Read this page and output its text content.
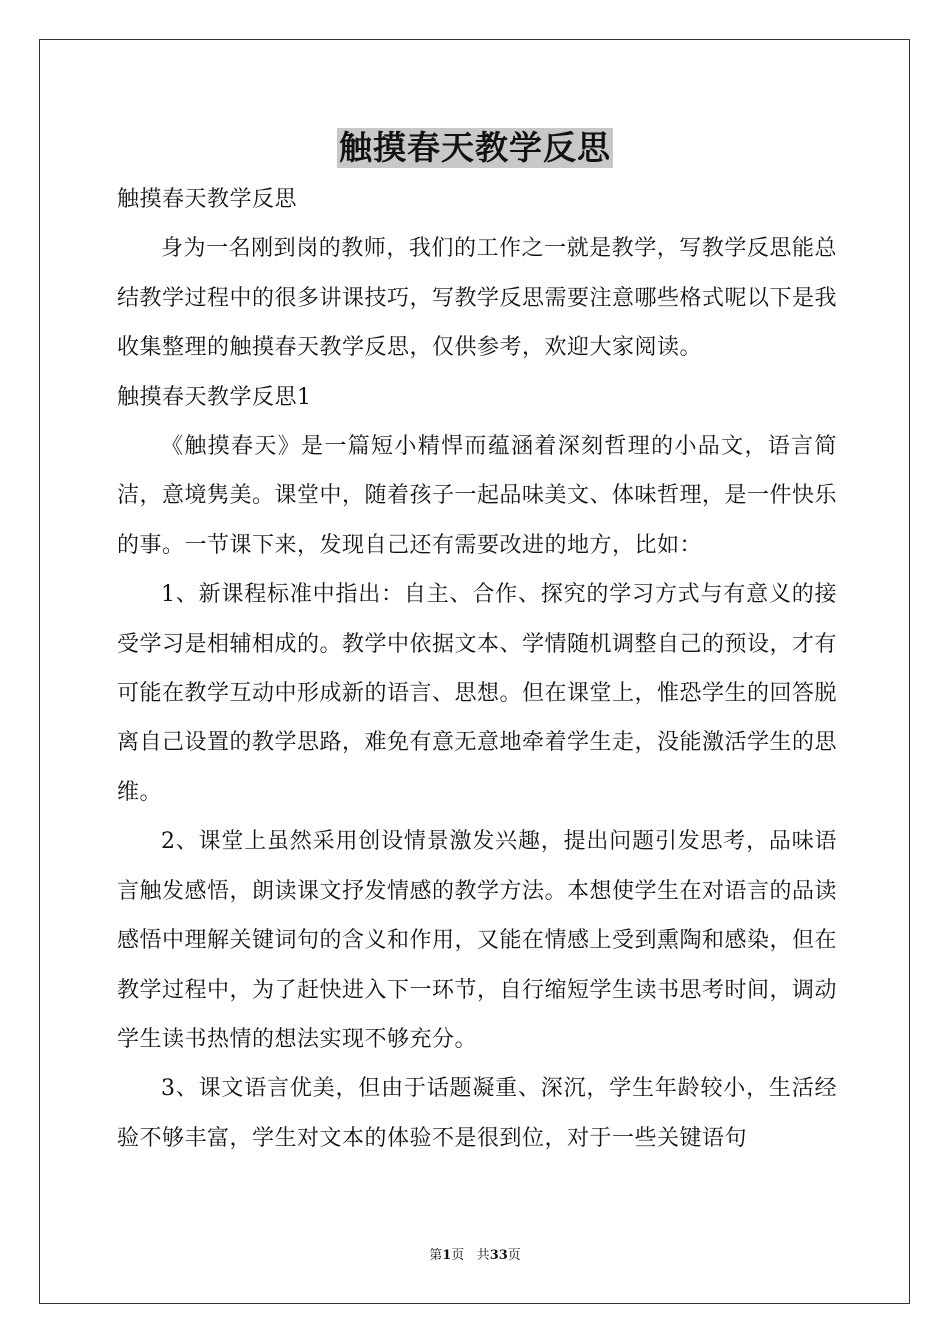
触摸春天教学反思

触摸春天教学反思

身为一名刚到岗的教师，我们的工作之一就是教学，写教学反思能总结教学过程中的很多讲课技巧，写教学反思需要注意哪些格式呢以下是我收集整理的触摸春天教学反思，仅供参考，欢迎大家阅读。

触摸春天教学反思1

《触摸春天》是一篇短小精悍而蕴涵着深刻哲理的小品文，语言简洁，意境隽美。课堂中，随着孩子一起品味美文、体味哲理，是一件快乐的事。一节课下来，发现自己还有需要改进的地方，比如：

1、新课程标准中指出：自主、合作、探究的学习方式与有意义的接受学习是相辅相成的。教学中依据文本、学情随机调整自己的预设，才有可能在教学互动中形成新的语言、思想。但在课堂上，惟恐学生的回答脱离自己设置的教学思路，难免有意无意地牵着学生走，没能激活学生的思维。

2、课堂上虽然采用创设情景激发兴趣，提出问题引发思考，品味语言触发感悟，朗读课文抒发情感的教学方法。本想使学生在对语言的品读感悟中理解关键词句的含义和作用，又能在情感上受到熏陶和感染，但在教学过程中，为了赶快进入下一环节，自行缩短学生读书思考时间，调动学生读书热情的想法实现不够充分。

3、课文语言优美，但由于话题凝重、深沉，学生年龄较小，生活经验不够丰富，学生对文本的体验不是很到位，对于一些关键语句

第1页 共33页
